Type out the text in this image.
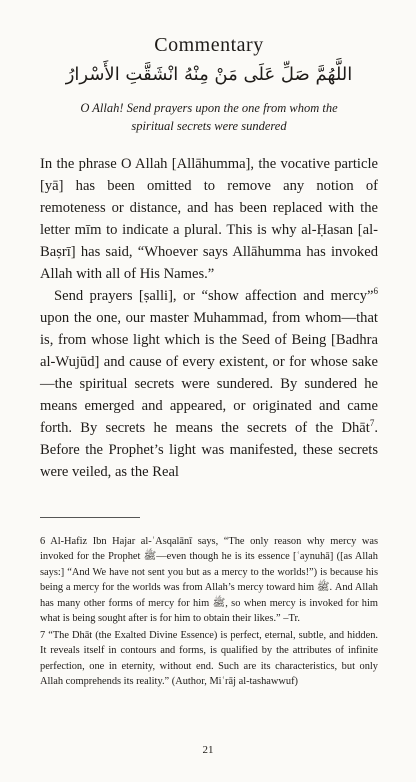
Commentary
اللَّهُمَّ صَلِّ عَلَى مَنْ مِنْهُ انْشَقَّتِ الأَسْرارُ
O Allah! Send prayers upon the one from whom the spiritual secrets were sundered

In the phrase O Allah [Allāhumma], the vocative particle [yā] has been omitted to remove any notion of remoteness or distance, and has been replaced with the letter mīm to indicate a plural. This is why al-Ḥasan [al-Baṣrī] has said, “Whoever says Allāhumma has invoked Allah with all of His Names.”

Send prayers [ṣalli], or “show affection and mercy”$^6$ upon the one, our master Muhammad, from whom—that is, from whose light which is the Seed of Being [Badhra al-Wujūd] and cause of every existent, or for whose sake—the spiritual secrets were sundered. By sundered he means emerged and appeared, or originated and came forth. By secrets he means the secrets of the Dhāt$^7$. Before the Prophet’s light was manifested, these secrets were veiled, as the Real

6 Al-Hafiz Ibn Hajar al-ʿAsqalānī says, “The only reason why mercy was invoked for the Prophet ﷺ—even though he is its essence [ʿaynuhā] ([as Allah says:] “And We have not sent you but as a mercy to the worlds!”) is because his being a mercy for the worlds was from Allah’s mercy toward him ﷺ. And Allah has many other forms of mercy for him ﷺ, so when mercy is invoked for him what is being sought after is for him to obtain their likes.” –Tr.

7 “The Dhāt (the Exalted Divine Essence) is perfect, eternal, subtle, and hidden. It reveals itself in contours and forms, is qualified by the attributes of infinite perfection, one in eternity, without end. Such are its characteristics, but only Allah comprehends its reality.” (Author, Miʿrāj al-tashawwuf)

21
